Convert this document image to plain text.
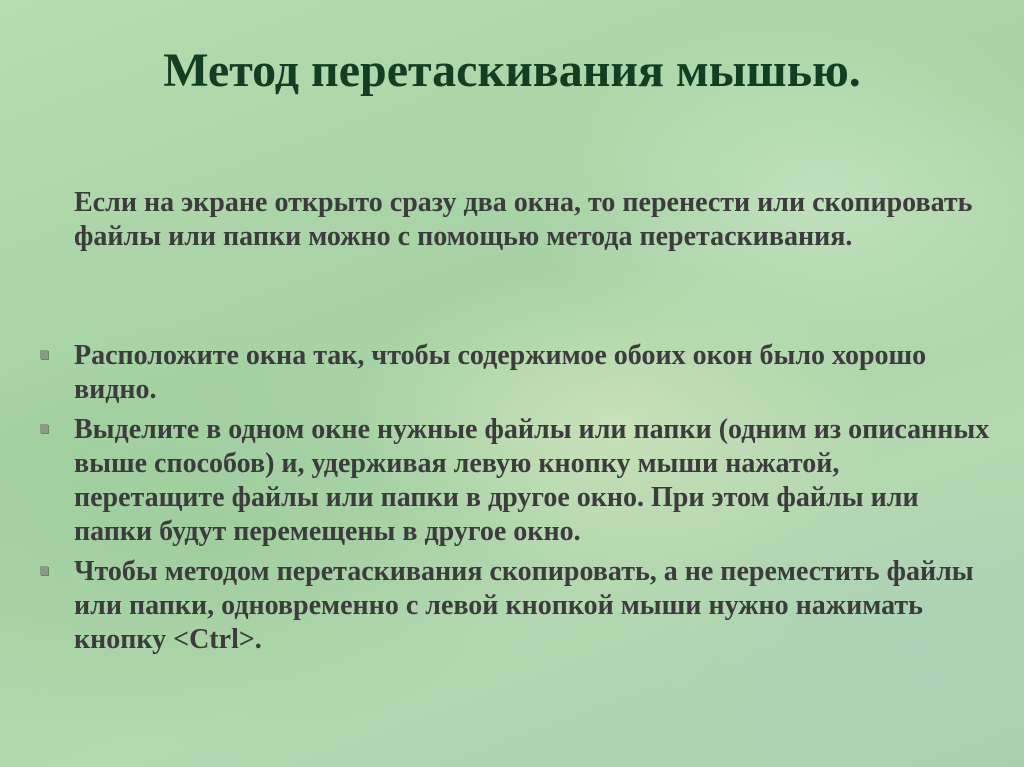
Метод перетаскивания мышью.

Если на экране открыто сразу два окна, то перенести или скопировать файлы или папки можно с помощью метода перетаскивания.

Расположите окна так, чтобы содержимое обоих окон было хорошо видно.
Выделите в одном окне нужные файлы или папки (одним из описанных выше способов) и, удерживая левую кнопку мыши нажатой, перетащите файлы или папки в другое окно. При этом файлы или папки будут перемещены в другое окно.
Чтобы методом перетаскивания скопировать, а не переместить файлы или папки, одновременно с левой кнопкой мыши нужно нажимать кнопку <Ctrl>.
